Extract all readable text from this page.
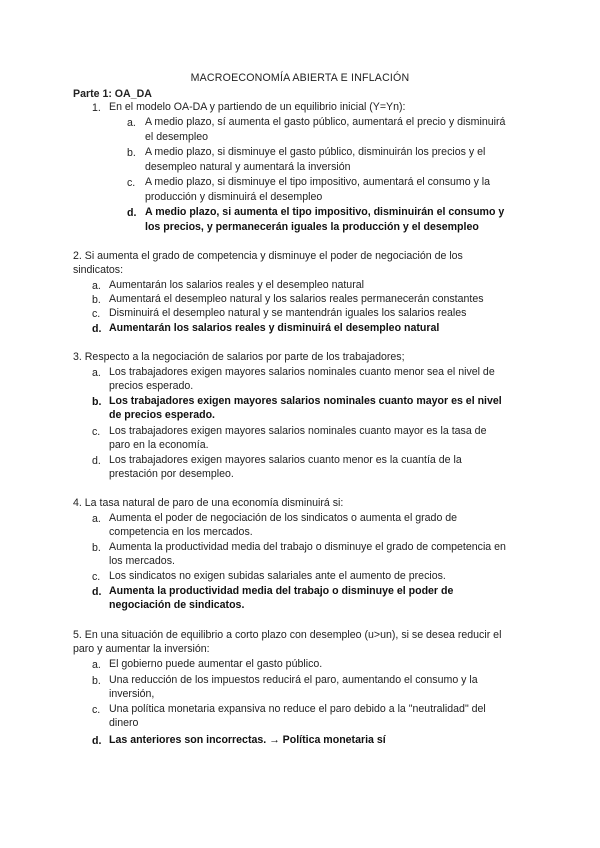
MACROECONOMÍA ABIERTA E INFLACIÓN
Parte 1: OA_DA
1. En el modelo OA-DA y partiendo de un equilibrio inicial (Y=Yn):
a. A medio plazo, sí aumenta el gasto público, aumentará el precio y disminuirá
el desempleo
b. A medio plazo, si disminuye el gasto público, disminuirán los precios y el
desempleo natural y aumentará la inversión
c. A medio plazo, si disminuye el tipo impositivo, aumentará el consumo y la
producción y disminuirá el desempleo
d. A medio plazo, si aumenta el tipo impositivo, disminuirán el consumo y
los precios, y permanecerán iguales la producción y el desempleo
2. Si aumenta el grado de competencia y disminuye el poder de negociación de los
sindicatos:
a. Aumentarán los salarios reales y el desempleo natural
b. Aumentará el desempleo natural y los salarios reales permanecerán constantes
c. Disminuirá el desempleo natural y se mantendrán iguales los salarios reales
d. Aumentarán los salarios reales y disminuirá el desempleo natural
3. Respecto a la negociación de salarios por parte de los trabajadores;
a. Los trabajadores exigen mayores salarios nominales cuanto menor sea el nivel de
precios esperado.
b. Los trabajadores exigen mayores salarios nominales cuanto mayor es el nivel
de precios esperado.
c. Los trabajadores exigen mayores salarios nominales cuanto mayor es la tasa de
paro en la economía.
d. Los trabajadores exigen mayores salarios cuanto menor es la cuantía de la
prestación por desempleo.
4. La tasa natural de paro de una economía disminuirá si:
a. Aumenta el poder de negociación de los sindicatos o aumenta el grado de
competencia en los mercados.
b. Aumenta la productividad media del trabajo o disminuye el grado de competencia en
los mercados.
c. Los sindicatos no exigen subidas salariales ante el aumento de precios.
d. Aumenta la productividad media del trabajo o disminuye el poder de
negociación de sindicatos.
5. En una situación de equilibrio a corto plazo con desempleo (u>un), si se desea reducir el
paro y aumentar la inversión:
a. El gobierno puede aumentar el gasto público.
b. Una reducción de los impuestos reducirá el paro, aumentando el consumo y la
inversión,
c. Una política monetaria expansiva no reduce el paro debido a la "neutralidad" del
dinero
d. Las anteriores son incorrectas. → Política monetaria sí
